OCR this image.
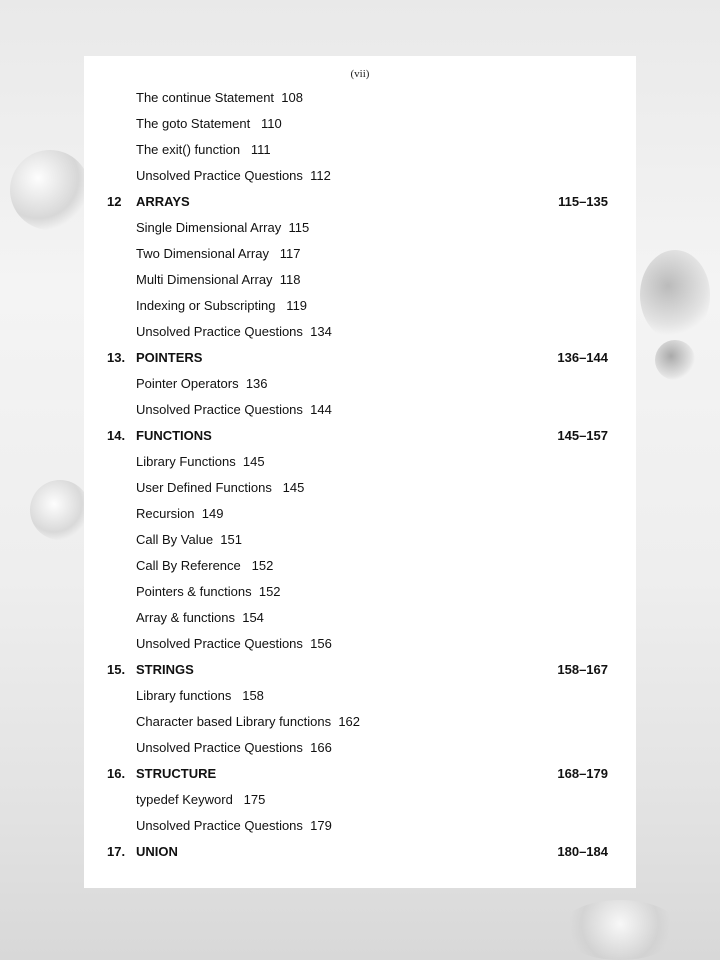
(vii)
The continue Statement  108
The goto Statement   110
The exit() function   111
Unsolved Practice Questions  112
12 ARRAYS	115–135
Single Dimensional Array  115
Two Dimensional Array   117
Multi Dimensional Array  118
Indexing or Subscripting   119
Unsolved Practice Questions  134
13. POINTERS	136–144
Pointer Operators  136
Unsolved Practice Questions  144
14. FUNCTIONS	145–157
Library Functions  145
User Defined Functions   145
Recursion  149
Call By Value  151
Call By Reference   152
Pointers & functions  152
Array & functions  154
Unsolved Practice Questions  156
15. STRINGS	158–167
Library functions   158
Character based Library functions  162
Unsolved Practice Questions  166
16. STRUCTURE	168–179
typedef Keyword   175
Unsolved Practice Questions  179
17. UNION	180–184
